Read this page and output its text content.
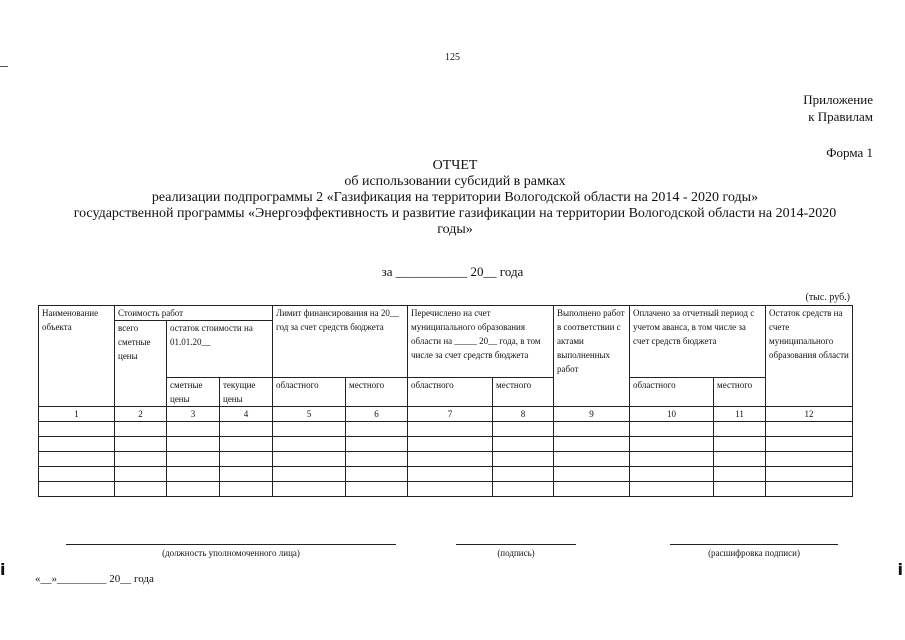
125
Приложение
к Правилам
Форма 1
ОТЧЕТ
об использовании субсидий в рамках
реализации подпрограммы 2 «Газификация на территории Вологодской области на 2014 - 2020 годы»
государственной программы «Энергоэффективность и развитие газификации на территории Вологодской области на 2014-2020
годы»
за ___________ 20__ года
(тыс. руб.)
Наименование объекта	Стоимость работ			Лимит финансирования на 20__ год за счет средств бюджета		Перечислено на счет муниципального образования области на _____ 20__ года, в том числе за счет средств бюджета		Выполнено работ в соответствии с актами выполненных работ	Оплачено за отчетный период с учетом аванса, в том числе за счет средств бюджета		Остаток средств на счете муниципального образования области
	всего сметные цены	остаток стоимости на 01.01.20__									
		сметные цены	текущие цены	областного	местного	областного	местного		областного	местного	
1	2	3	4	5	6	7	8	9	10	11	12

(должность уполномоченного лица)	(подпись)	(расшифровка подписи)
«__»_________ 20__ года
i	i
